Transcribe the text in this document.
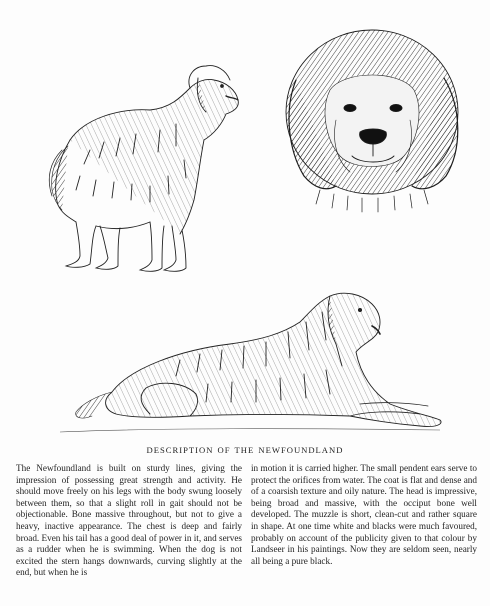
DESCRIPTION OF THE NEWFOUNDLAND
The Newfoundland is built on sturdy lines, giving the impression of possessing great strength and activity. He should move freely on his legs with the body swung loosely between them, so that a slight roll in gait should not be objectionable. Bone massive throughout, but not to give a heavy, inactive appearance. The chest is deep and fairly broad. Even his tail has a good deal of power in it, and serves as a rudder when he is swimming. When the dog is not excited the stern hangs downwards, curving slightly at the end, but when he is
in motion it is carried higher. The small pendent ears serve to protect the orifices from water. The coat is flat and dense and of a coarsish texture and oily nature. The head is impressive, being broad and massive, with the occiput bone well developed. The muzzle is short, clean-cut and rather square in shape. At one time white and blacks were much favoured, probably on account of the publicity given to that colour by Landseer in his paintings. Now they are seldom seen, nearly all being a pure black.
